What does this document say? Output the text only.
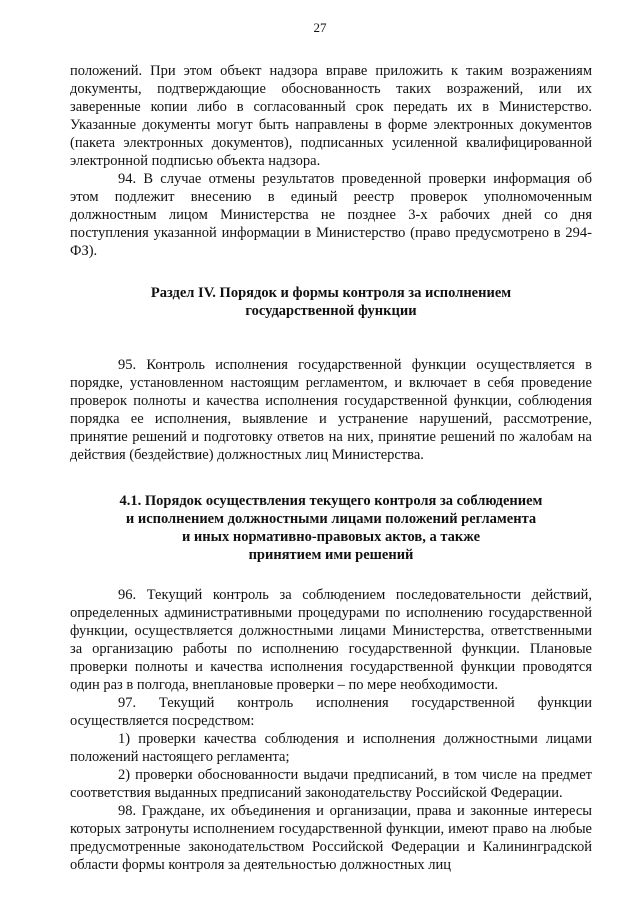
27

положений. При этом объект надзора вправе приложить к таким возражениям документы, подтверждающие обоснованность таких возражений, или их заверенные копии либо в согласованный срок передать их в Министерство. Указанные документы могут быть направлены в форме электронных документов (пакета электронных документов), подписанных усиленной квалифицированной электронной подписью объекта надзора.

94. В случае отмены результатов проведенной проверки информация об этом подлежит внесению в единый реестр проверок уполномоченным должностным лицом Министерства не позднее 3-х рабочих дней со дня поступления указанной информации в Министерство (право предусмотрено в 294- ФЗ).

Раздел IV. Порядок и формы контроля за исполнением
государственной функции

95. Контроль исполнения государственной функции осуществляется в порядке, установленном настоящим регламентом, и включает в себя проведение проверок полноты и качества исполнения государственной функции, соблюдения порядка ее исполнения, выявление и устранение нарушений, рассмотрение, принятие решений и подготовку ответов на них, принятие решений по жалобам на действия (бездействие) должностных лиц Министерства.

4.1. Порядок осуществления текущего контроля за соблюдением
и исполнением должностными лицами положений регламента
и иных нормативно-правовых актов, а также
принятием ими решений

96. Текущий контроль за соблюдением последовательности действий, определенных административными процедурами по исполнению государственной функции, осуществляется должностными лицами Министерства, ответственными за организацию работы по исполнению государственной функции. Плановые проверки полноты и качества исполнения государственной функции проводятся один раз в полгода, внеплановые проверки – по мере необходимости.

97. Текущий контроль исполнения государственной функции осуществляется посредством:

1) проверки качества соблюдения и исполнения должностными лицами положений настоящего регламента;

2) проверки обоснованности выдачи предписаний, в том числе на предмет соответствия выданных предписаний законодательству Российской Федерации.

98. Граждане, их объединения и организации, права и законные интересы которых затронуты исполнением государственной функции, имеют право на любые предусмотренные законодательством Российской Федерации и Калининградской области формы контроля за деятельностью должностных лиц
